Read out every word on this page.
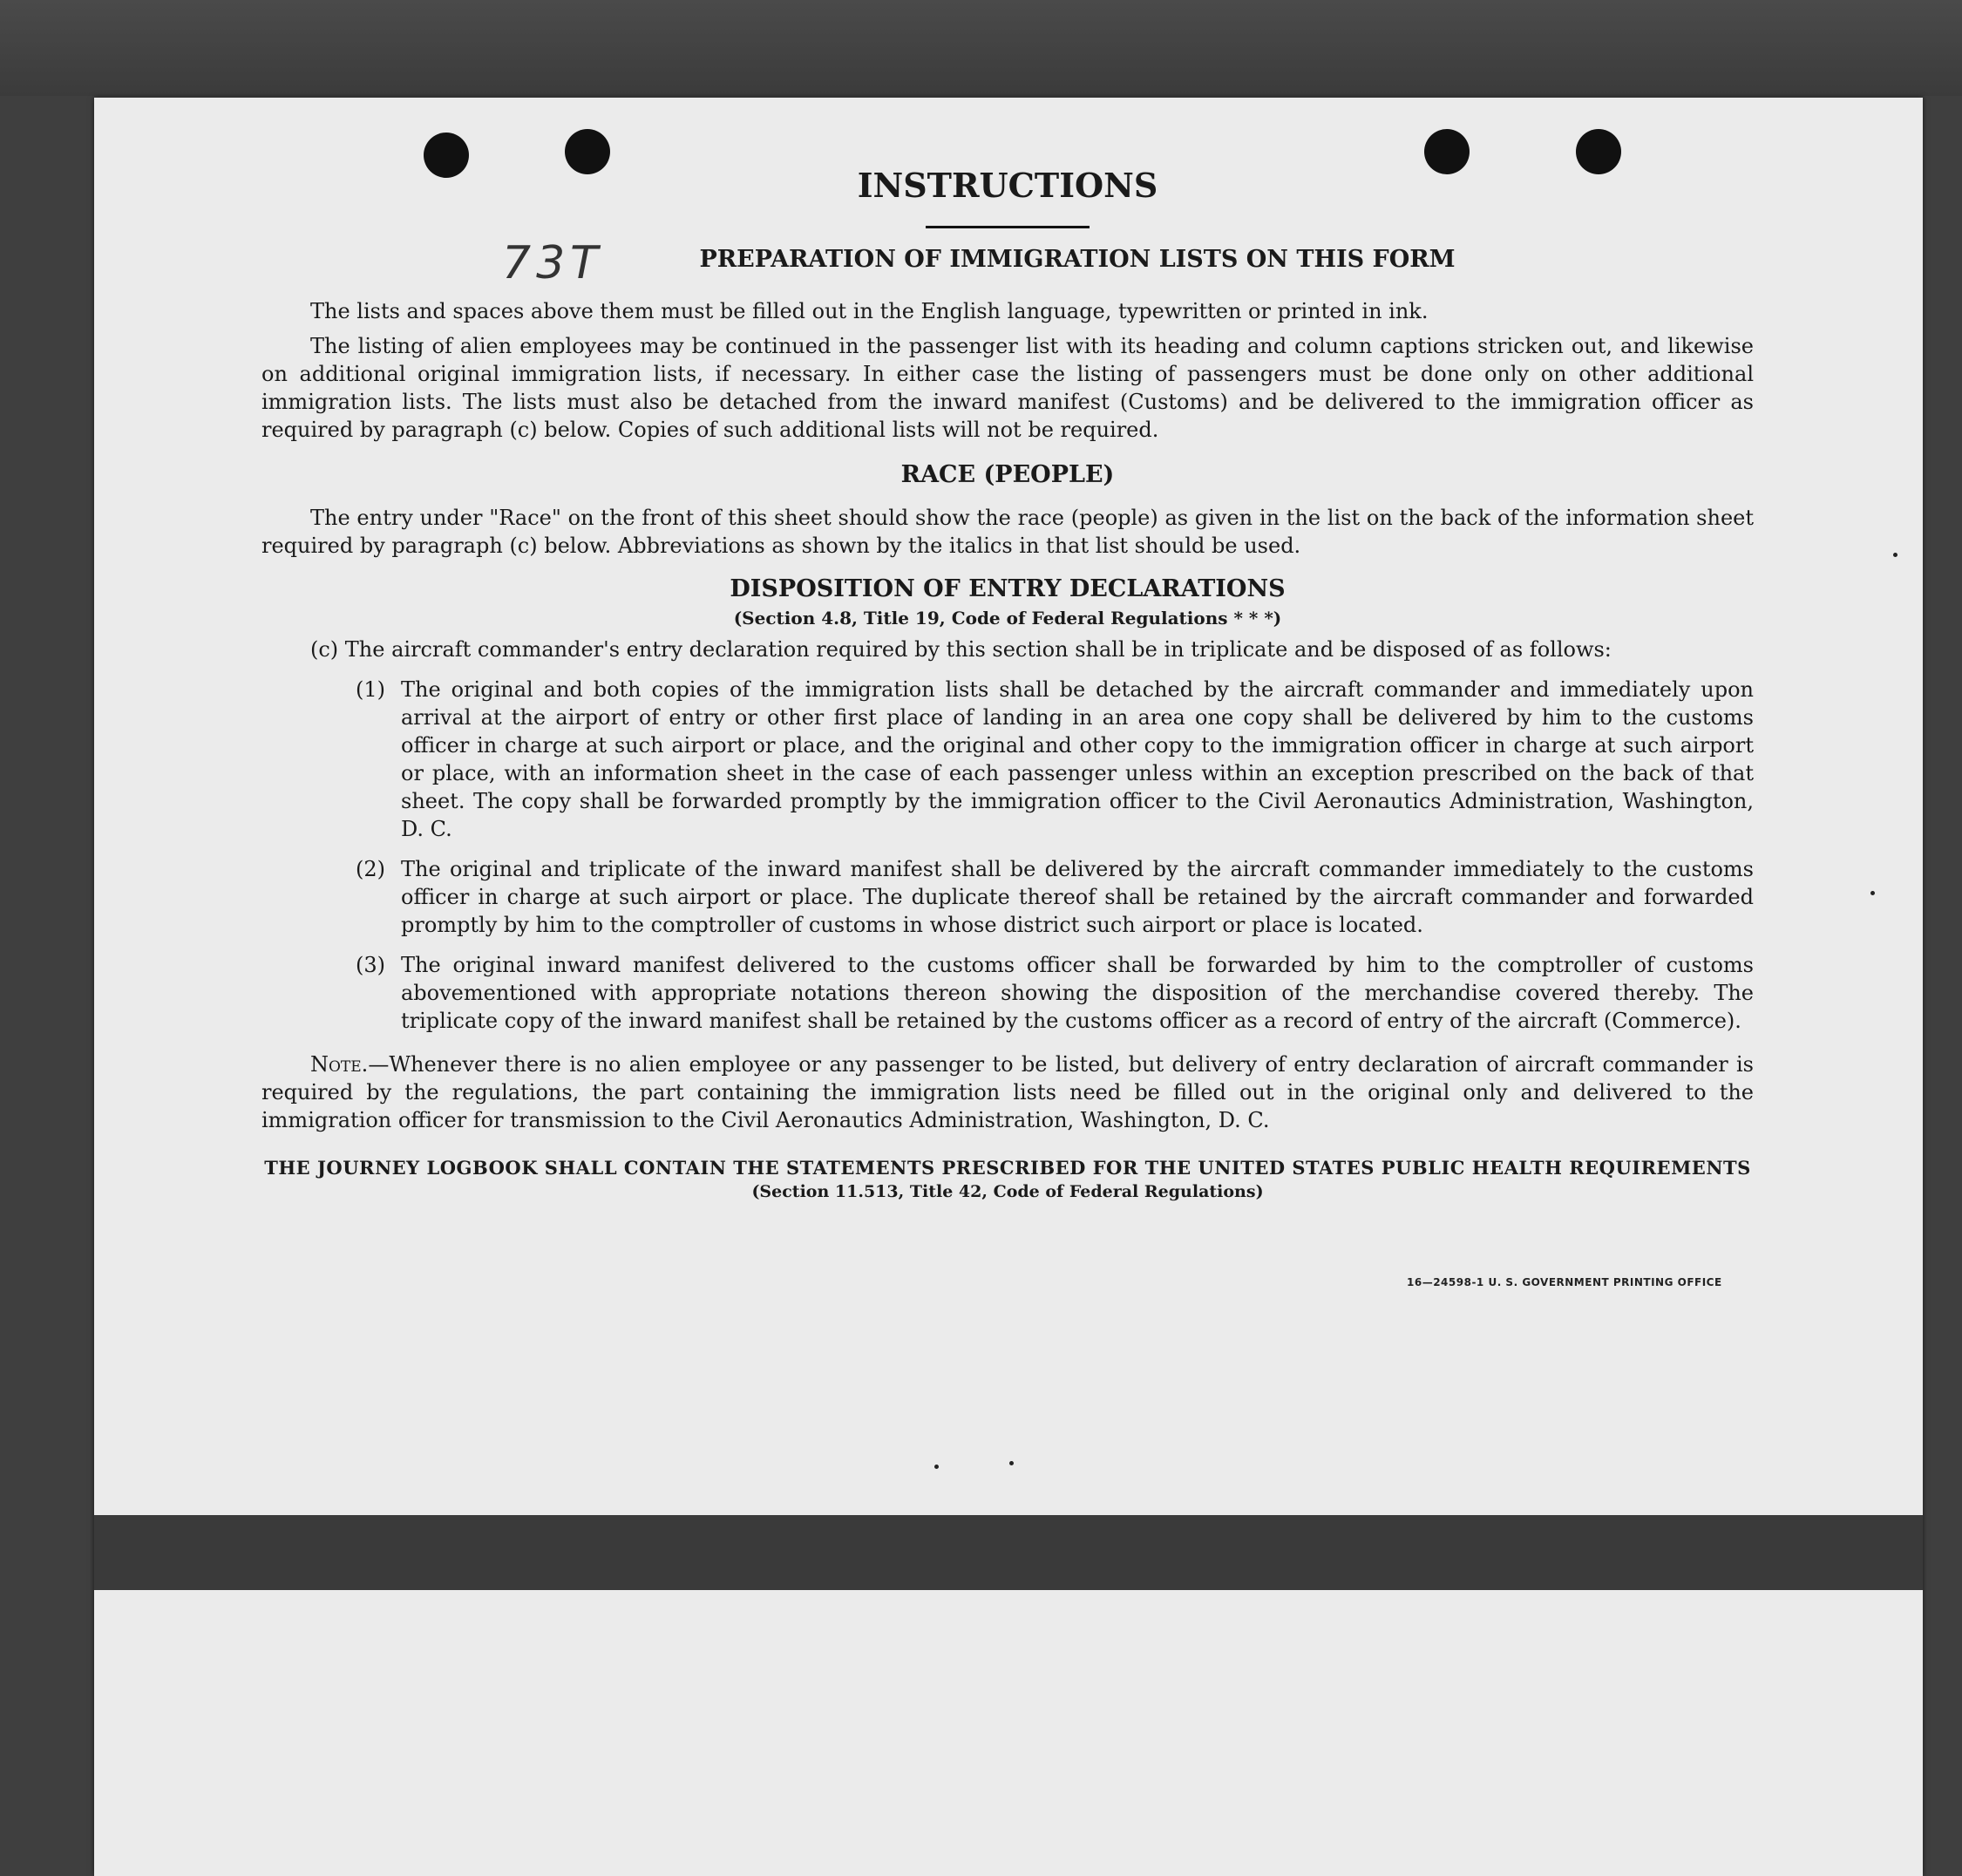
73T
INSTRUCTIONS
PREPARATION OF IMMIGRATION LISTS ON THIS FORM

The lists and spaces above them must be filled out in the English language, typewritten or printed in ink.

The listing of alien employees may be continued in the passenger list with its heading and column captions stricken out, and likewise on additional original immigration lists, if necessary. In either case the listing of passengers must be done only on other additional immigration lists. The lists must also be detached from the inward manifest (Customs) and be delivered to the immigration officer as required by paragraph (c) below. Copies of such additional lists will not be required.

RACE (PEOPLE)

The entry under "Race" on the front of this sheet should show the race (people) as given in the list on the back of the information sheet required by paragraph (c) below. Abbreviations as shown by the italics in that list should be used.

DISPOSITION OF ENTRY DECLARATIONS
(Section 4.8, Title 19, Code of Federal Regulations * * *)

(c) The aircraft commander's entry declaration required by this section shall be in triplicate and be disposed of as follows:

(1) The original and both copies of the immigration lists shall be detached by the aircraft commander and immediately upon arrival at the airport of entry or other first place of landing in an area one copy shall be delivered by him to the customs officer in charge at such airport or place, and the original and other copy to the immigration officer in charge at such airport or place, with an information sheet in the case of each passenger unless within an exception prescribed on the back of that sheet. The copy shall be forwarded promptly by the immigration officer to the Civil Aeronautics Administration, Washington, D. C.
(2) The original and triplicate of the inward manifest shall be delivered by the aircraft commander immediately to the customs officer in charge at such airport or place. The duplicate thereof shall be retained by the aircraft commander and forwarded promptly by him to the comptroller of customs in whose district such airport or place is located.
(3) The original inward manifest delivered to the customs officer shall be forwarded by him to the comptroller of customs abovementioned with appropriate notations thereon showing the disposition of the merchandise covered thereby. The triplicate copy of the inward manifest shall be retained by the customs officer as a record of entry of the aircraft (Commerce).

Note.—Whenever there is no alien employee or any passenger to be listed, but delivery of entry declaration of aircraft commander is required by the regulations, the part containing the immigration lists need be filled out in the original only and delivered to the immigration officer for transmission to the Civil Aeronautics Administration, Washington, D. C.

THE JOURNEY LOGBOOK SHALL CONTAIN THE STATEMENTS PRESCRIBED FOR THE UNITED STATES PUBLIC HEALTH REQUIREMENTS
(Section 11.513, Title 42, Code of Federal Regulations)
16—24598-1 U. S. GOVERNMENT PRINTING OFFICE
